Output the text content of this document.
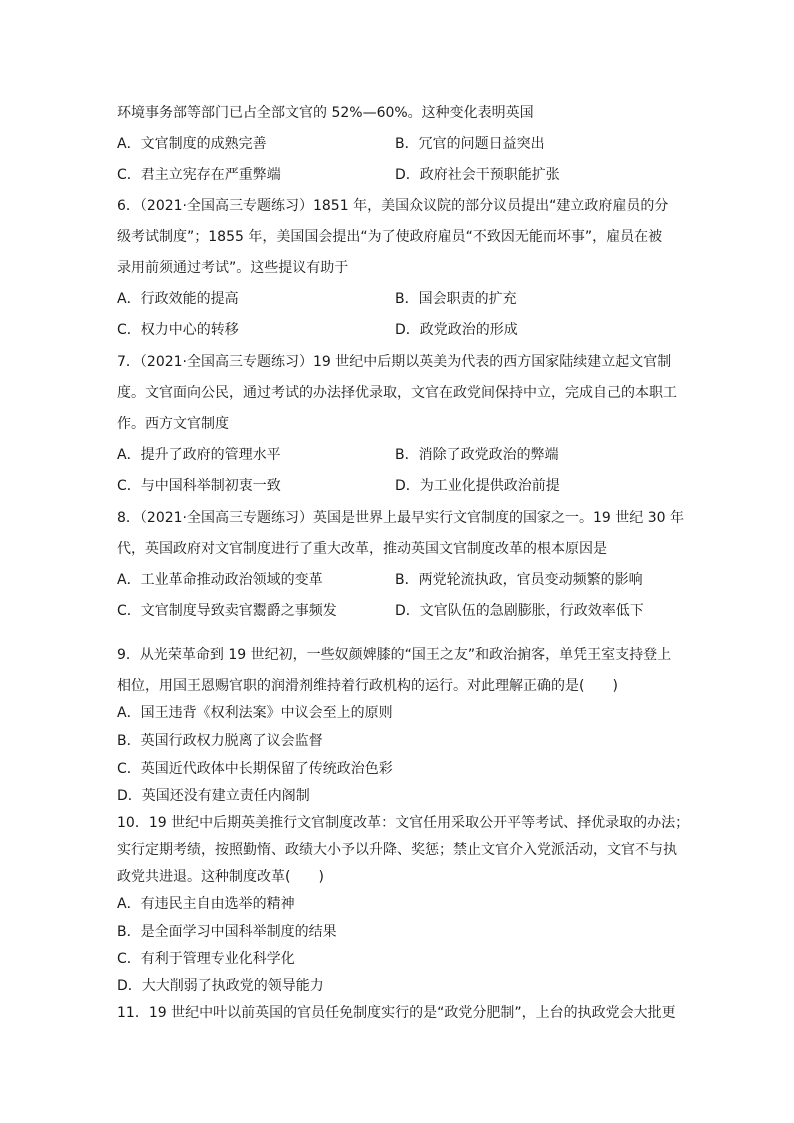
环境事务部等部门已占全部文官的 52%—60%。这种变化表明英国
A．文官制度的成熟完善	B．冗官的问题日益突出
C．君主立宪存在严重弊端	D．政府社会干预职能扩张
6．（2021·全国高三专题练习）1851 年，美国众议院的部分议员提出“建立政府雇员的分
级考试制度”；1855 年，美国国会提出“为了使政府雇员“不致因无能而坏事”，雇员在被
录用前须通过考试”。这些提议有助于
A．行政效能的提高	B．国会职责的扩充
C．权力中心的转移	D．政党政治的形成
7．（2021·全国高三专题练习）19 世纪中后期以英美为代表的西方国家陆续建立起文官制
度。文官面向公民，通过考试的办法择优录取，文官在政党间保持中立，完成自己的本职工
作。西方文官制度
A．提升了政府的管理水平	B．消除了政党政治的弊端
C．与中国科举制初衷一致	D．为工业化提供政治前提
8．（2021·全国高三专题练习）英国是世界上最早实行文官制度的国家之一。19 世纪 30 年
代，英国政府对文官制度进行了重大改革，推动英国文官制度改革的根本原因是
A．工业革命推动政治领域的变革	B．两党轮流执政，官员变动频繁的影响
C．文官制度导致卖官鬻爵之事频发	D．文官队伍的急剧膨胀，行政效率低下
9．从光荣革命到 19 世纪初，一些奴颜婢膝的“国王之友”和政治掮客，单凭王室支持登上
相位，用国王恩赐官职的润滑剂维持着行政机构的运行。对此理解正确的是(　　)
A．国王违背《权利法案》中议会至上的原则
B．英国行政权力脱离了议会监督
C．英国近代政体中长期保留了传统政治色彩
D．英国还没有建立责任内阁制
10．19 世纪中后期英美推行文官制度改革：文官任用采取公开平等考试、择优录取的办法；
实行定期考绩，按照勤惰、政绩大小予以升降、奖惩；禁止文官介入党派活动，文官不与执
政党共进退。这种制度改革(　　)
A．有违民主自由选举的精神
B．是全面学习中国科举制度的结果
C．有利于管理专业化科学化
D．大大削弱了执政党的领导能力
11．19 世纪中叶以前英国的官员任免制度实行的是“政党分肥制”，上台的执政党会大批更
